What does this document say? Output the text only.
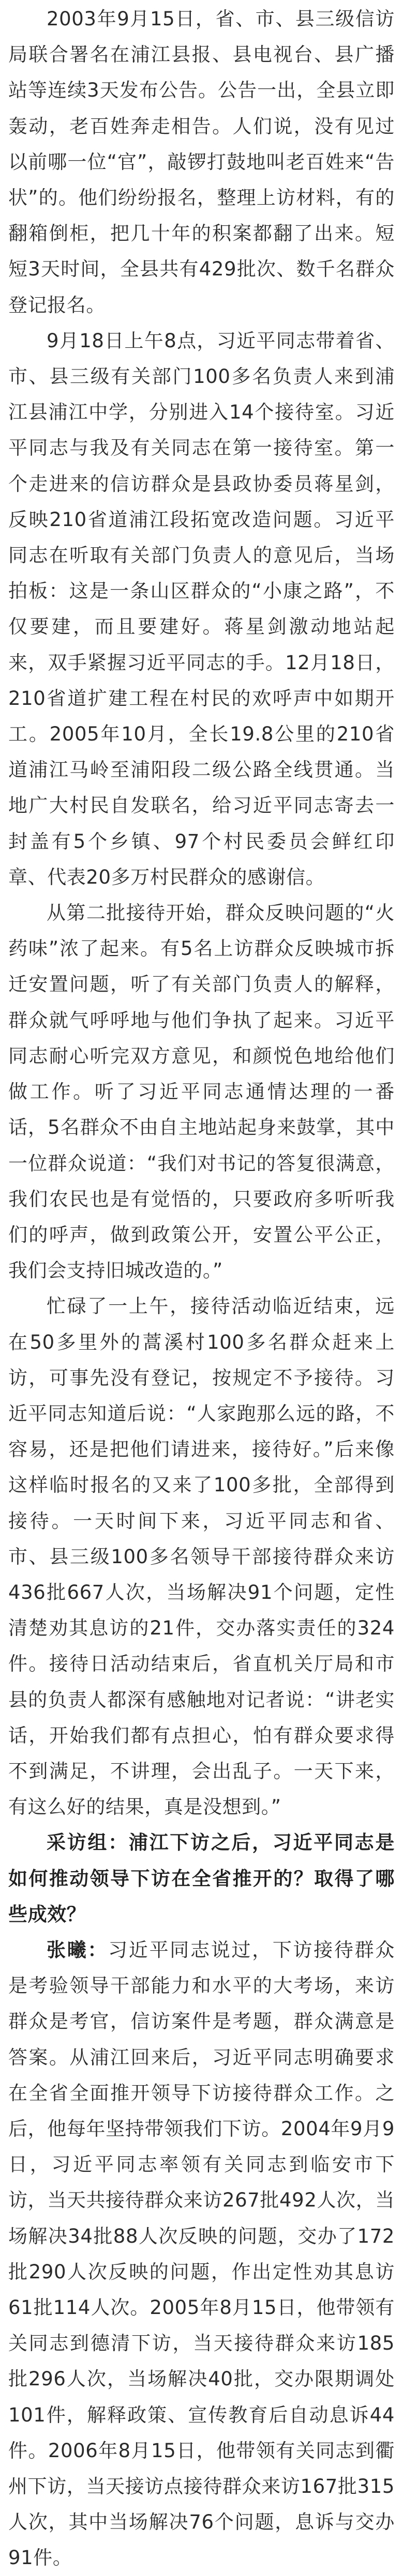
2003年9月15日，省、市、县三级信访局联合署名在浦江县报、县电视台、县广播站等连续3天发布公告。公告一出，全县立即轰动，老百姓奔走相告。人们说，没有见过以前哪一位“官”，敲锣打鼓地叫老百姓来“告状”的。他们纷纷报名，整理上访材料，有的翻箱倒柜，把几十年的积案都翻了出来。短短3天时间，全县共有429批次、数千名群众登记报名。

9月18日上午8点，习近平同志带着省、市、县三级有关部门100多名负责人来到浦江县浦江中学，分别进入14个接待室。习近平同志与我及有关同志在第一接待室。第一个走进来的信访群众是县政协委员蒋星剑，反映210省道浦江段拓宽改造问题。习近平同志在听取有关部门负责人的意见后，当场拍板：这是一条山区群众的“小康之路”，不仅要建，而且要建好。蒋星剑激动地站起来，双手紧握习近平同志的手。12月18日，210省道扩建工程在村民的欢呼声中如期开工。2005年10月，全长19.8公里的210省道浦江马岭至浦阳段二级公路全线贯通。当地广大村民自发联名，给习近平同志寄去一封盖有5个乡镇、97个村民委员会鲜红印章、代表20多万村民群众的感谢信。

从第二批接待开始，群众反映问题的“火药味”浓了起来。有5名上访群众反映城市拆迁安置问题，听了有关部门负责人的解释，群众就气呼呼地与他们争执了起来。习近平同志耐心听完双方意见，和颜悦色地给他们做工作。听了习近平同志通情达理的一番话，5名群众不由自主地站起身来鼓掌，其中一位群众说道：“我们对书记的答复很满意，我们农民也是有觉悟的，只要政府多听听我们的呼声，做到政策公开，安置公平公正，我们会支持旧城改造的。”

忙碌了一上午，接待活动临近结束，远在50多里外的蒿溪村100多名群众赶来上访，可事先没有登记，按规定不予接待。习近平同志知道后说：“人家跑那么远的路，不容易，还是把他们请进来，接待好。”后来像这样临时报名的又来了100多批，全部得到接待。一天时间下来，习近平同志和省、市、县三级100多名领导干部接待群众来访436批667人次，当场解决91个问题，定性清楚劝其息访的21件，交办落实责任的324件。接待日活动结束后，省直机关厅局和市县的负责人都深有感触地对记者说：“讲老实话，开始我们都有点担心，怕有群众要求得不到满足，不讲理，会出乱子。一天下来，有这么好的结果，真是没想到。”

采访组：浦江下访之后，习近平同志是如何推动领导下访在全省推开的？取得了哪些成效？

张曦：习近平同志说过，下访接待群众是考验领导干部能力和水平的大考场，来访群众是考官，信访案件是考题，群众满意是答案。从浦江回来后，习近平同志明确要求在全省全面推开领导下访接待群众工作。之后，他每年坚持带领我们下访。2004年9月9日，习近平同志率领有关同志到临安市下访，当天共接待群众来访267批492人次，当场解决34批88人次反映的问题，交办了172批290人次反映的问题，作出定性劝其息访61批114人次。2005年8月15日，他带领有关同志到德清下访，当天接待群众来访185批296人次，当场解决40批，交办限期调处101件，解释政策、宣传教育后自动息诉44件。2006年8月15日，他带领有关同志到衢州下访，当天接访点接待群众来访167批315人次，其中当场解决76个问题，息诉与交办91件。
